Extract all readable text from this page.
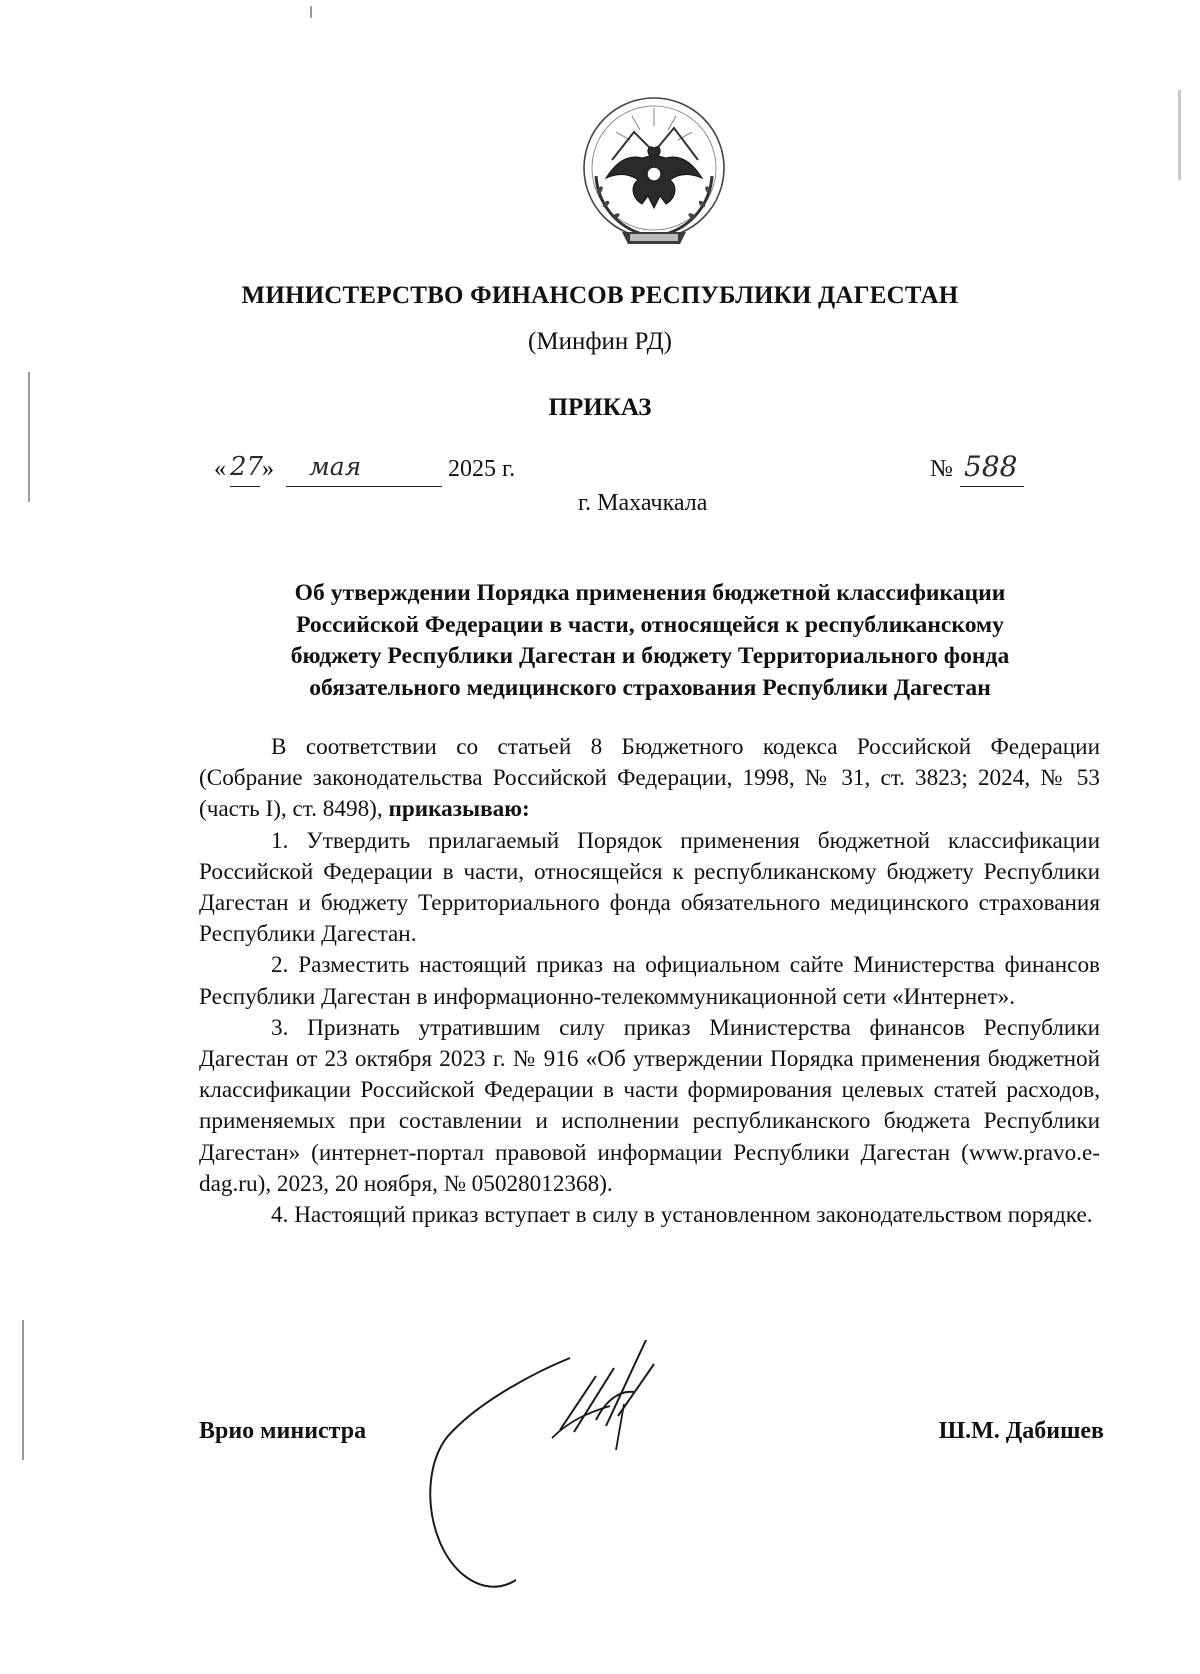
МИНИСТЕРСТВО ФИНАНСОВ РЕСПУБЛИКИ ДАГЕСТАН
(Минфин РД)
ПРИКАЗ
« 27
» мая	2025 г.	№ 588
г. Махачкала
Об утверждении Порядка применения бюджетной классификации
Российской Федерации в части, относящейся к республиканскому
бюджету Республики Дагестан и бюджету Территориального фонда
обязательного медицинского страхования Республики Дагестан

В соответствии со статьей 8 Бюджетного кодекса Российской Федерации (Собрание законодательства Российской Федерации, 1998, № 31, ст. 3823; 2024, № 53 (часть I), ст. 8498), приказываю:

1. Утвердить прилагаемый Порядок применения бюджетной классификации Российской Федерации в части, относящейся к республиканскому бюджету Республики Дагестан и бюджету Территориального фонда обязательного медицинского страхования Республики Дагестан.

2. Разместить настоящий приказ на официальном сайте Министерства финансов Республики Дагестан в информационно-телекоммуникационной сети «Интернет».

3. Признать утратившим силу приказ Министерства финансов Республики Дагестан от 23 октября 2023 г. № 916 «Об утверждении Порядка применения бюджетной классификации Российской Федерации в части формирования целевых статей расходов, применяемых при составлении и исполнении республиканского бюджета Республики Дагестан» (интернет-портал правовой информации Республики Дагестан (www.pravo.e-dag.ru), 2023, 20 ноября, № 05028012368).

4. Настоящий приказ вступает в силу в установленном законодательством порядке.

Врио министра	Ш.М. Дабишев
